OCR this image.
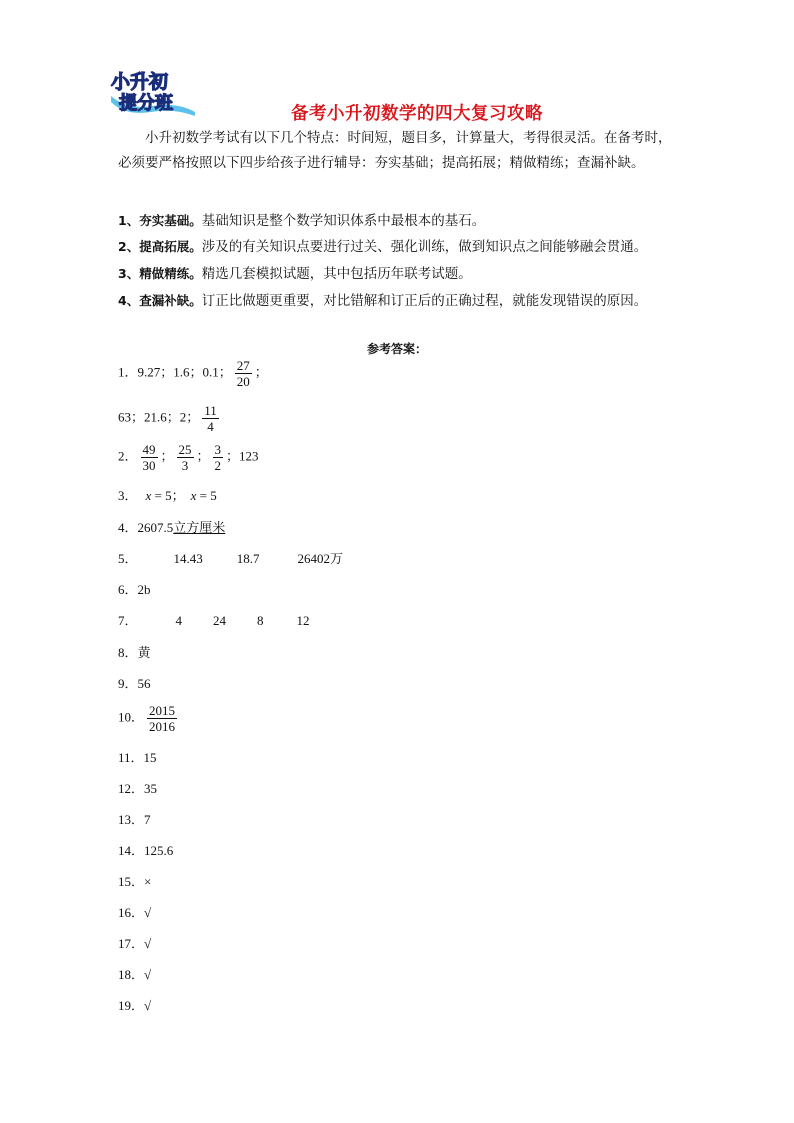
小升初
提分班	备考小升初数学的四大复习攻略

小升初数学考试有以下几个特点：时间短，题目多，计算量大，考得很灵活。在备考时，必须要严格按照以下四步给孩子进行辅导：夯实基础；提高拓展；精做精练；查漏补缺。

1、夯实基础。基础知识是整个数学知识体系中最根本的基石。
2、提高拓展。涉及的有关知识点要进行过关、强化训练，做到知识点之间能够融会贯通。
3、精做精练。精选几套模拟试题，其中包括历年联考试题。
4、查漏补缺。订正比做题更重要，对比错解和订正后的正确过程，就能发现错误的原因。
参考答案：
1．9.27；1.6；0.1； $\frac{27}{20}$ ；
63；21.6；2； $\frac{11}{4}$
2． $\frac{49}{30}$ ； $\frac{25}{3}$ ； $\frac{3}{2}$ ；123
3． x = 5； x = 5
4．2607.5立方厘米
5．	14.43	18.7	26402万
6．2b
7．	4 24 8	12
8．黄
9．56
10． $\frac{2015}{2016}$
11．15
12．35
13．7
14．125.6
15．×
16．√
17．√
18．√
19．√
